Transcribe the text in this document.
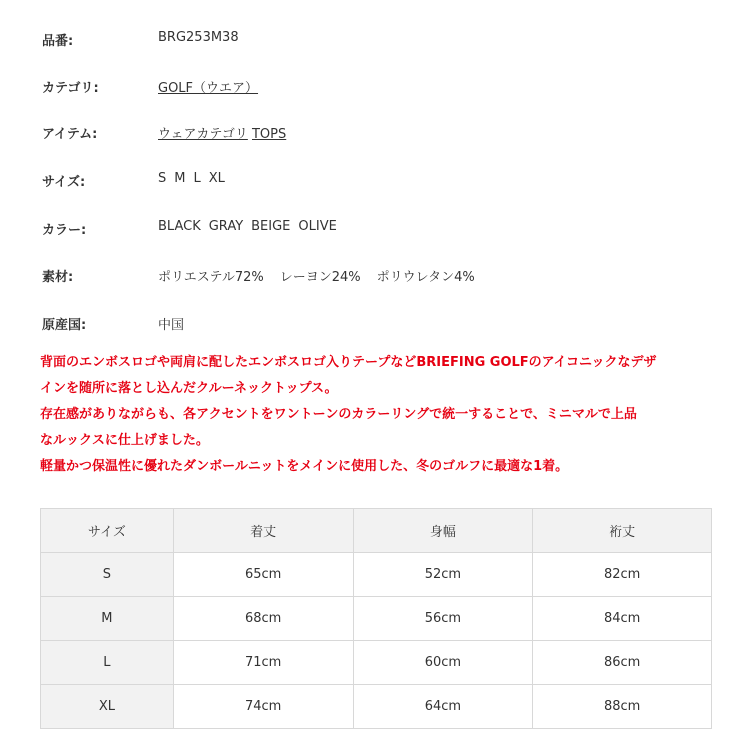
品番:	BRG253M38
カテゴリ:	GOLF（ウエア）
アイテム:	ウェアカテゴリ TOPS
サイズ:	S M L XL
カラー:	BLACK GRAY BEIGE OLIVE
素材:	ポリエステル72% レーヨン24% ポリウレタン4%
原産国:	中国

背面のエンボスロゴや両肩に配したエンボスロゴ入りテープなどBRIEFING GOLFのアイコニックなデザ

インを随所に落とし込んだクルーネックトップス。

存在感がありながらも、各アクセントをワントーンのカラーリングで統一することで、ミニマルで上品

なルックスに仕上げました。

軽量かつ保温性に優れたダンボールニットをメインに使用した、冬のゴルフに最適な1着。

サイズ	着丈	身幅	裄丈
S	65cm	52cm	82cm
M	68cm	56cm	84cm
L	71cm	60cm	86cm
XL	74cm	64cm	88cm
